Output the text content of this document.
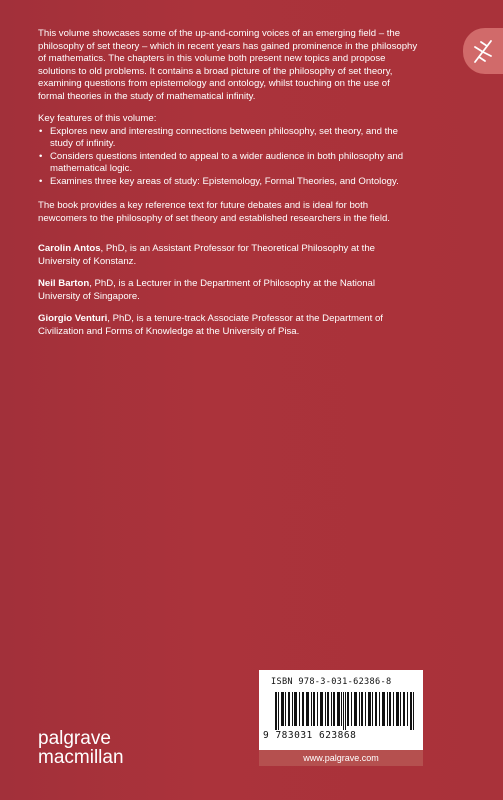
This volume showcases some of the up-and-coming voices of an emerging field – the philosophy of set theory – which in recent years has gained prominence in the philosophy of mathematics. The chapters in this volume both present new topics and propose solutions to old problems. It contains a broad picture of the philosophy of set theory, examining questions from epistemology and ontology, whilst touching on the use of formal theories in the study of mathematical infinity.

Key features of this volume:

• Explores new and interesting connections between philosophy, set theory, and the study of infinity.
• Considers questions intended to appeal to a wider audience in both philosophy and mathematical logic.
• Examines three key areas of study: Epistemology, Formal Theories, and Ontology.

The book provides a key reference text for future debates and is ideal for both newcomers to the philosophy of set theory and established researchers in the field.

Carolin Antos, PhD, is an Assistant Professor for Theoretical Philosophy at the University of Konstanz.

Neil Barton, PhD, is a Lecturer in the Department of Philosophy at the National University of Singapore.

Giorgio Venturi, PhD, is a tenure-track Associate Professor at the Department of Civilization and Forms of Knowledge at the University of Pisa.

palgrave
macmillan
ISBN 978-3-031-62386-8
9 783031 623868
www.palgrave.com
